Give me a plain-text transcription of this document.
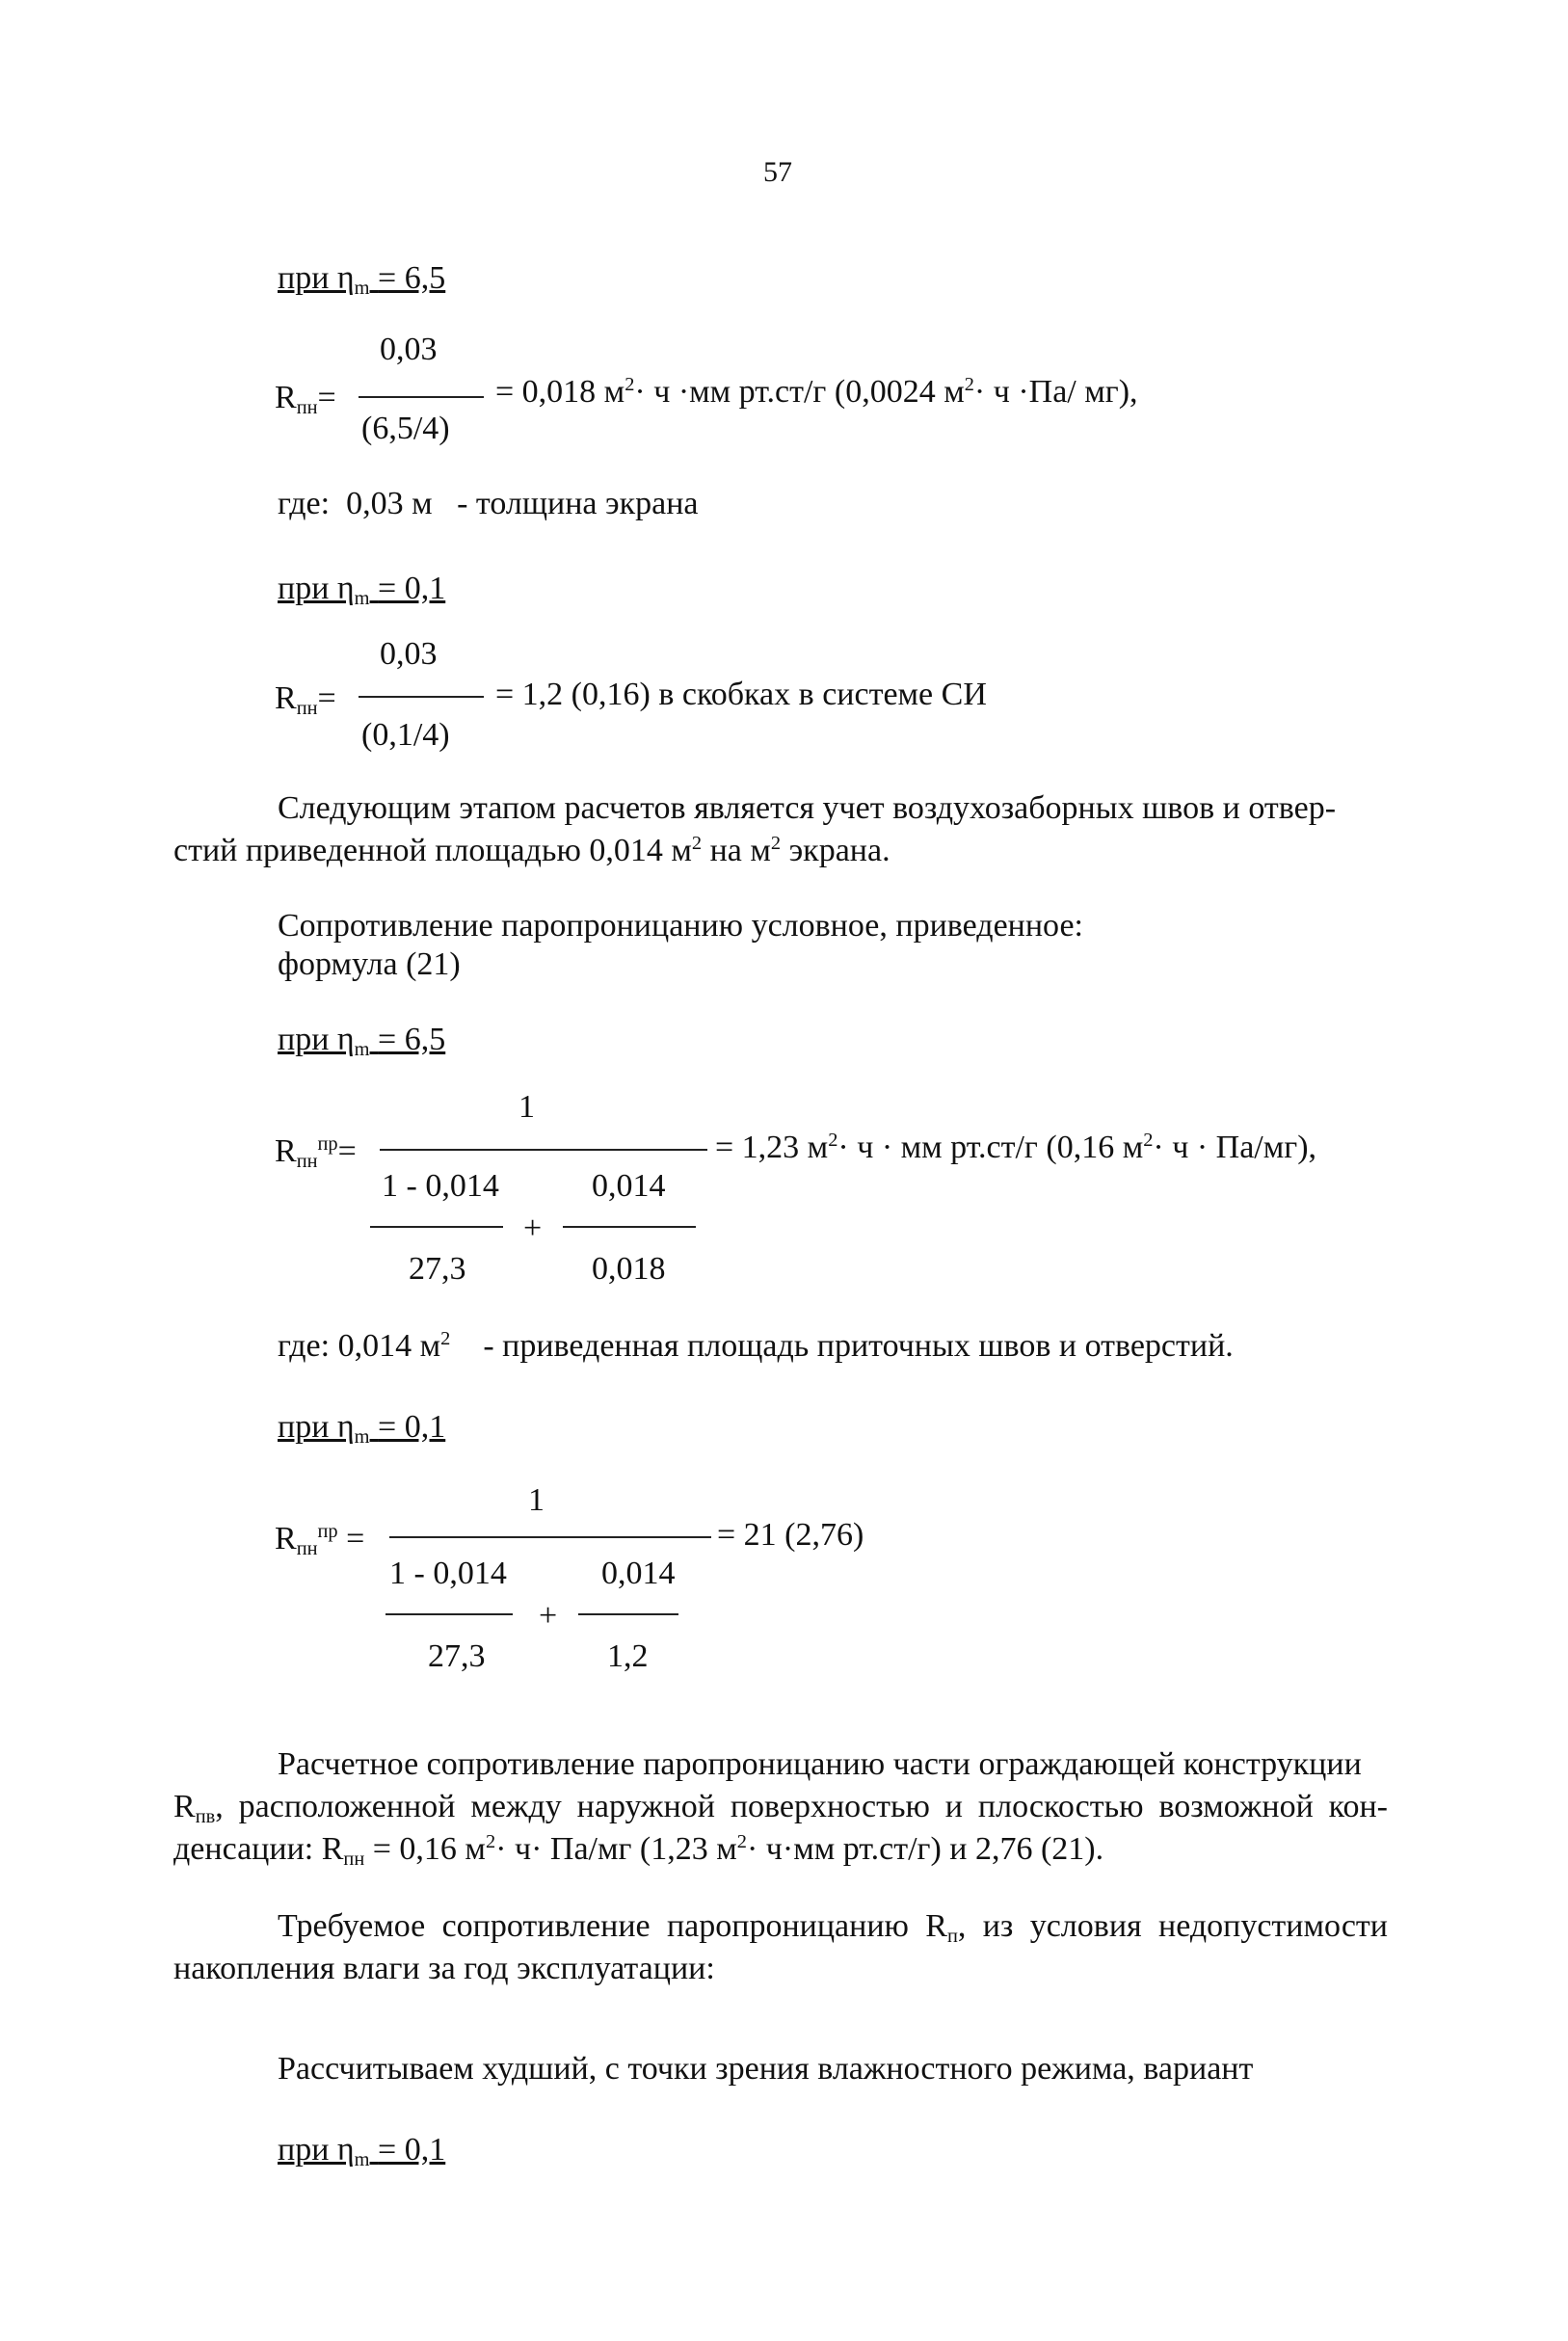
57
при $\eta_m = 6,5$
0,03
$R_{пн}=$
(6,5/4)
= 0,018 $м^2\cdot ч \cdot мм$ рт.ст/г (0,0024 $м^2\cdot ч \cdot Па/$ мг),
где: 0,03 м - толщина экрана
при $\eta_m = 0,1$
0,03
$R_{пн}=$
(0,1/4)
= 1,2 (0,16) в скобках в системе СИ
Следующим этапом расчетов является учет воздухозаборных швов и отвер-
стий приведенной площадью 0,014 $м^2$ на $м^2$ экрана.
Сопротивление паропроницанию условное, приведенное:
формула (21)
при $\eta_m = 6,5$
1
$R_{пн}^{пр}=$
1 - 0,014	0,014
+
27,3	0,018
= 1,23 $м^2\cdot ч$ · мм рт.ст/г (0,16 $м^2\cdot ч \cdot Па/мг$),
где: 0,014 $м^2$ - приведенная площадь приточных швов и отверстий.
при $\eta_m = 0,1$
1
$R_{пн}^{пр}$ =
1 - 0,014	0,014
+
27,3	1,2
= 21 (2,76)
Расчетное сопротивление паропроницанию части ограждающей конструкции
$R_{пв}$, расположенной между наружной поверхностью и плоскостью возможной кон-
денсации: $R_{пн} = 0,16$ $м^2\cdot ч\cdot Па/мг$ (1,23 $м^2\cdot ч\cdot мм$ рт.ст/г) и 2,76 (21).
Требуемое сопротивление паропроницанию $R_п$, из условия недопустимости
накопления влаги за год эксплуатации:
Рассчитываем худший, с точки зрения влажностного режима, вариант
при $\eta_m = 0,1$
